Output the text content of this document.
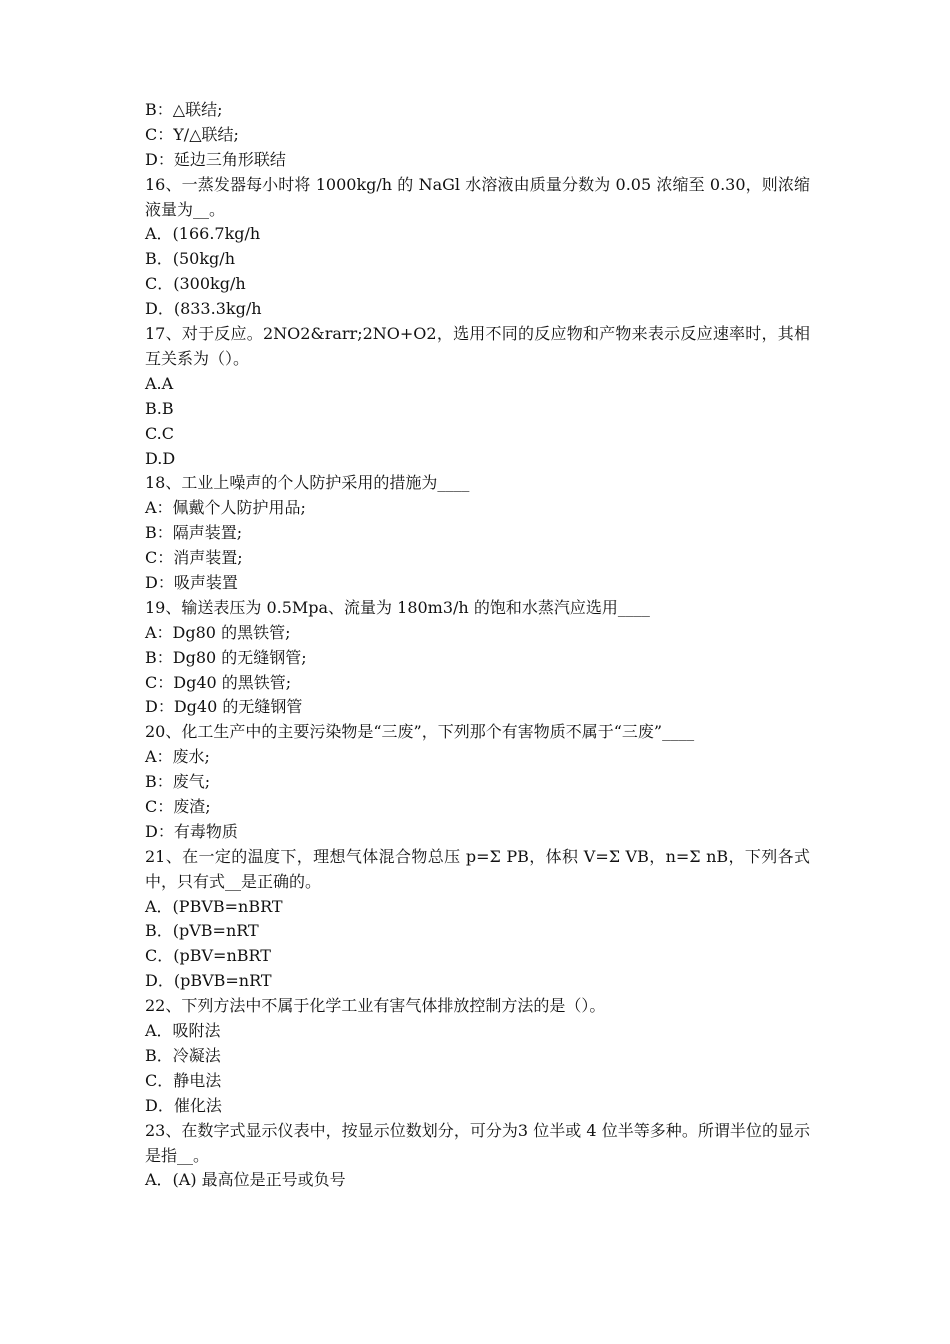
B：△联结;
C：Y/△联结;
D：延边三角形联结
16、一蒸发器每小时将 1000kg/h 的 NaGl 水溶液由质量分数为 0.05 浓缩至 0.30，则浓缩液量为__。
A．(166.7kg/h
B．(50kg/h
C．(300kg/h
D．(833.3kg/h
17、对于反应。2NO2&rarr;2NO+O2，选用不同的反应物和产物来表示反应速率时，其相互关系为（）。
A.A
B.B
C.C
D.D
18、工业上噪声的个人防护采用的措施为____
A：佩戴个人防护用品;
B：隔声装置;
C：消声装置;
D：吸声装置
19、输送表压为 0.5Mpa、流量为 180m3/h 的饱和水蒸汽应选用____
A：Dg80 的黑铁管;
B：Dg80 的无缝钢管;
C：Dg40 的黑铁管;
D：Dg40 的无缝钢管
20、化工生产中的主要污染物是“三废”，下列那个有害物质不属于“三废”____
A：废水;
B：废气;
C：废渣;
D：有毒物质
21、在一定的温度下，理想气体混合物总压 p=Σ PB，体积 V=Σ VB，n=Σ nB，下列各式中，只有式__是正确的。
A．(PBVB=nBRT
B．(pVB=nRT
C．(pBV=nBRT
D．(pBVB=nRT
22、下列方法中不属于化学工业有害气体排放控制方法的是（）。
A．吸附法
B．冷凝法
C．静电法
D．催化法
23、在数字式显示仪表中，按显示位数划分，可分为3 位半或 4 位半等多种。所谓半位的显示是指__。
A．(A) 最高位是正号或负号
